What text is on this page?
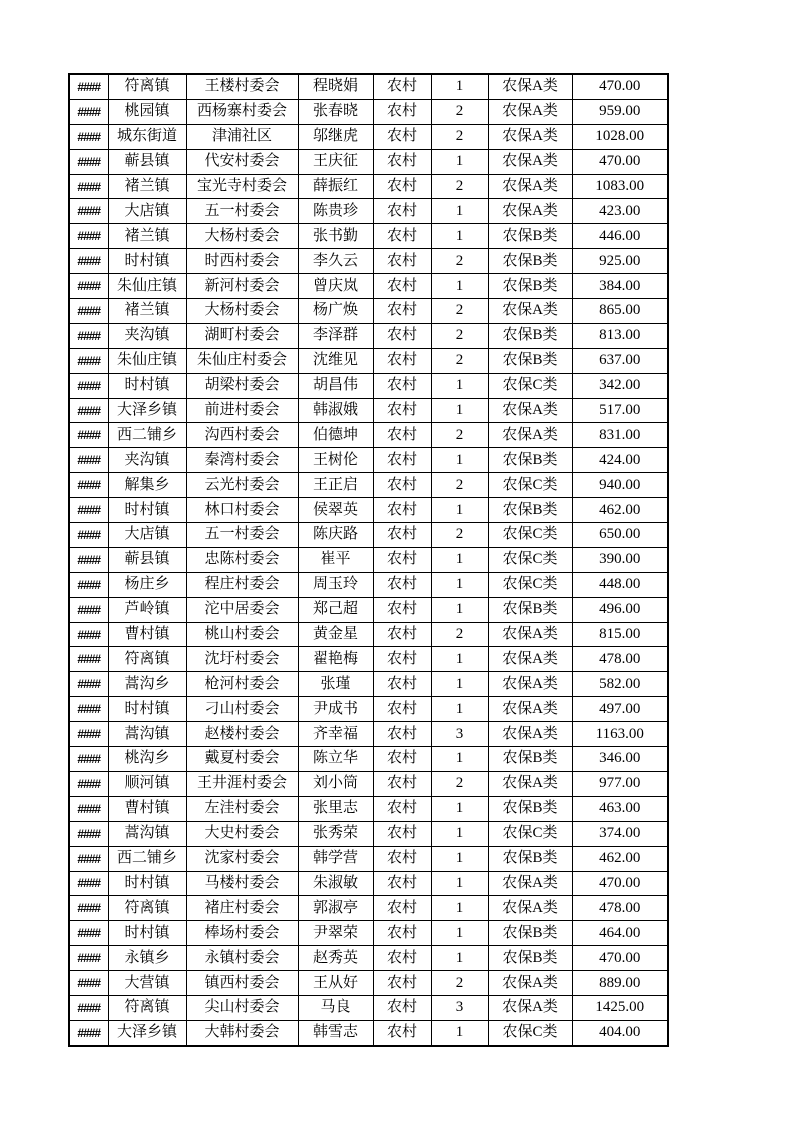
####	符离镇	王楼村委会	程晓娟	农村	1	农保A类	470.00
####	桃园镇	西杨寨村委会	张春晓	农村	2	农保A类	959.00
####	城东街道	津浦社区	邬继虎	农村	2	农保A类	1028.00
####	蕲县镇	代安村委会	王庆征	农村	1	农保A类	470.00
####	褚兰镇	宝光寺村委会	薛振红	农村	2	农保A类	1083.00
####	大店镇	五一村委会	陈贵珍	农村	1	农保A类	423.00
####	褚兰镇	大杨村委会	张书勤	农村	1	农保B类	446.00
####	时村镇	时西村委会	李久云	农村	2	农保B类	925.00
####	朱仙庄镇	新河村委会	曾庆岚	农村	1	农保B类	384.00
####	褚兰镇	大杨村委会	杨广焕	农村	2	农保A类	865.00
####	夹沟镇	湖町村委会	李泽群	农村	2	农保B类	813.00
####	朱仙庄镇	朱仙庄村委会	沈维见	农村	2	农保B类	637.00
####	时村镇	胡梁村委会	胡昌伟	农村	1	农保C类	342.00
####	大泽乡镇	前进村委会	韩淑娥	农村	1	农保A类	517.00
####	西二铺乡	沟西村委会	伯德坤	农村	2	农保A类	831.00
####	夹沟镇	秦湾村委会	王树伦	农村	1	农保B类	424.00
####	解集乡	云光村委会	王正启	农村	2	农保C类	940.00
####	时村镇	林口村委会	侯翠英	农村	1	农保B类	462.00
####	大店镇	五一村委会	陈庆路	农村	2	农保C类	650.00
####	蕲县镇	忠陈村委会	崔平	农村	1	农保C类	390.00
####	杨庄乡	程庄村委会	周玉玲	农村	1	农保C类	448.00
####	芦岭镇	沱中居委会	郑己超	农村	1	农保B类	496.00
####	曹村镇	桃山村委会	黄金星	农村	2	农保A类	815.00
####	符离镇	沈圩村委会	翟艳梅	农村	1	农保A类	478.00
####	蒿沟乡	枪河村委会	张瑾	农村	1	农保A类	582.00
####	时村镇	刁山村委会	尹成书	农村	1	农保A类	497.00
####	蒿沟镇	赵楼村委会	齐幸福	农村	3	农保A类	1163.00
####	桃沟乡	戴夏村委会	陈立华	农村	1	农保B类	346.00
####	顺河镇	王井涯村委会	刘小筒	农村	2	农保A类	977.00
####	曹村镇	左洼村委会	张里志	农村	1	农保B类	463.00
####	蒿沟镇	大史村委会	张秀荣	农村	1	农保C类	374.00
####	西二铺乡	沈家村委会	韩学营	农村	1	农保B类	462.00
####	时村镇	马楼村委会	朱淑敏	农村	1	农保A类	470.00
####	符离镇	褚庄村委会	郭淑亭	农村	1	农保A类	478.00
####	时村镇	棒场村委会	尹翠荣	农村	1	农保B类	464.00
####	永镇乡	永镇村委会	赵秀英	农村	1	农保B类	470.00
####	大营镇	镇西村委会	王从好	农村	2	农保A类	889.00
####	符离镇	尖山村委会	马良	农村	3	农保A类	1425.00
####	大泽乡镇	大韩村委会	韩雪志	农村	1	农保C类	404.00
